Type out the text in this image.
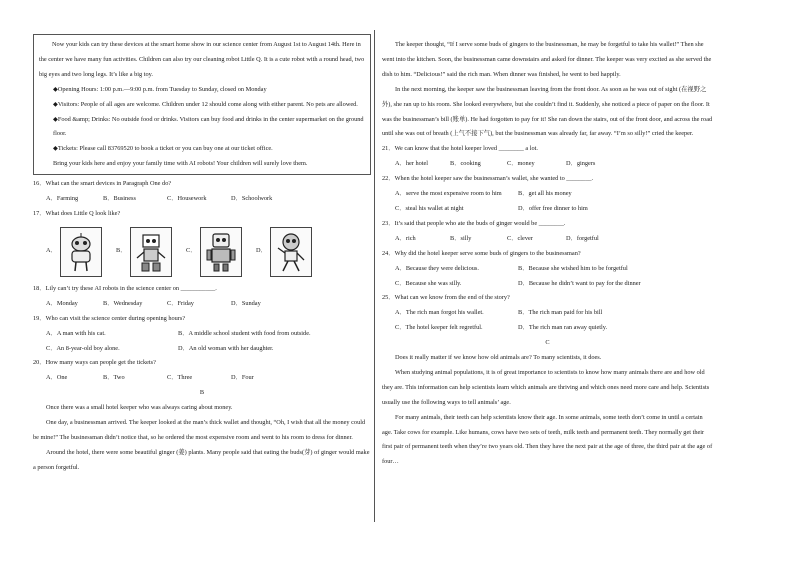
Now your kids can try these devices at the smart home show in our science center from August 1st to August 14th. Here in the center we have many fun activities. Children can also try our cleaning robot Little Q. It is a cute robot with a round head, two big eyes and two long legs. It’s like a big toy.

◆Opening Hours: 1:00 p.m.—9:00 p.m. from Tuesday to Sunday, closed on Monday

◆Visitors: People of all ages are welcome. Children under 12 should come along with either parent. No pets are allowed.

◆Food &amp; Drinks: No outside food or drinks. Visitors can buy food and drinks in the center supermarket on the ground floor.

◆Tickets: Please call 83769520 to book a ticket or you can buy one at our ticket office.

Bring your kids here and enjoy your family time with AI robots! Your children will surely love them.

16．What can the smart devices in Paragraph One do?

A．Farming	B．Business	C．Housework	D．Schoolwork

17．What does Little Q look like?

A．	B．	C．	D．

18．Lily can’t try these AI robots in the science center on ___________.

A．Monday	B．Wednesday	C．Friday	D．Sunday

19．Who can visit the science center during opening hours?

A．A man with his cat.	B．A middle school student with food from outside.
C．An 8-year-old boy alone.	D．An old woman with her daughter.

20．How many ways can people get the tickets?

A．One	B．Two	C．Three	D．Four

B

Once there was a small hotel keeper who was always caring about money.

One day, a businessman arrived. The keeper looked at the man’s thick wallet and thought, “Oh, I wish that all the money could be mine!” The businessman didn’t notice that, so he ordered the most expensive room and went to his room to dress for dinner.

Around the hotel, there were some beautiful ginger (姜) plants. Many people said that eating the buds(芽) of ginger would make a person forgetful.

The keeper thought, “If I serve some buds of gingers to the businessman, he may be forgetful to take his wallet!” Then she went into the kitchen. Soon, the businessman came downstairs and asked for dinner. The keeper was very excited as she served the dish to him. “Delicious!” said the rich man. When dinner was finished, he went to bed happily.

In the next morning, the keeper saw the businessman leaving from the front door. As soon as he was out of sight (在视野之外), she ran up to his room. She looked everywhere, but she couldn’t find it. Suddenly, she noticed a piece of paper on the floor. It was the businessman’s bill (账单). He had forgotten to pay for it! She ran down the stairs, out of the front door, and across the road until she was out of breath (上气不接下气), but the businessman was already far, far away. “I’m so silly!” cried the keeper.

21．We can know that the hotel keeper loved ________ a lot.

A．her hotel	B．cooking	C．money	D．gingers

22．When the hotel keeper saw the businessman’s wallet, she wanted to ________.

A．serve the most expensive room to him	B．get all his money
C．steal his wallet at night	D．offer free dinner to him

23．It’s said that people who ate the buds of ginger would be ________.

A．rich	B．silly	C．clever	D．forgetful

24．Why did the hotel keeper serve some buds of gingers to the businessman?

A．Because they were delicious.	B．Because she wished him to be forgetful
C．Because she was silly.	D．Because he didn’t want to pay for the dinner

25．What can we know from the end of the story?

A．The rich man forgot his wallet.	B．The rich man paid for his bill
C．The hotel keeper felt regretful.	D．The rich man ran away quietly.

C

Does it really matter if we know how old animals are? To many scientists, it does.

When studying animal populations, it is of great importance to scientists to know how many animals there are and how old they are. This information can help scientists learn which animals are thriving and which ones need more care and help. Scientists usually use the following ways to tell animals’ age.

For many animals, their teeth can help scientists know their age. In some animals, some teeth don’t come in until a certain age. Take cows for example. Like humans, cows have two sets of teeth, milk teeth and permanent teeth. They normally get their first pair of permanent teeth when they’re two years old. Then they have the next pair at the age of three, the third pair at the age of four…
